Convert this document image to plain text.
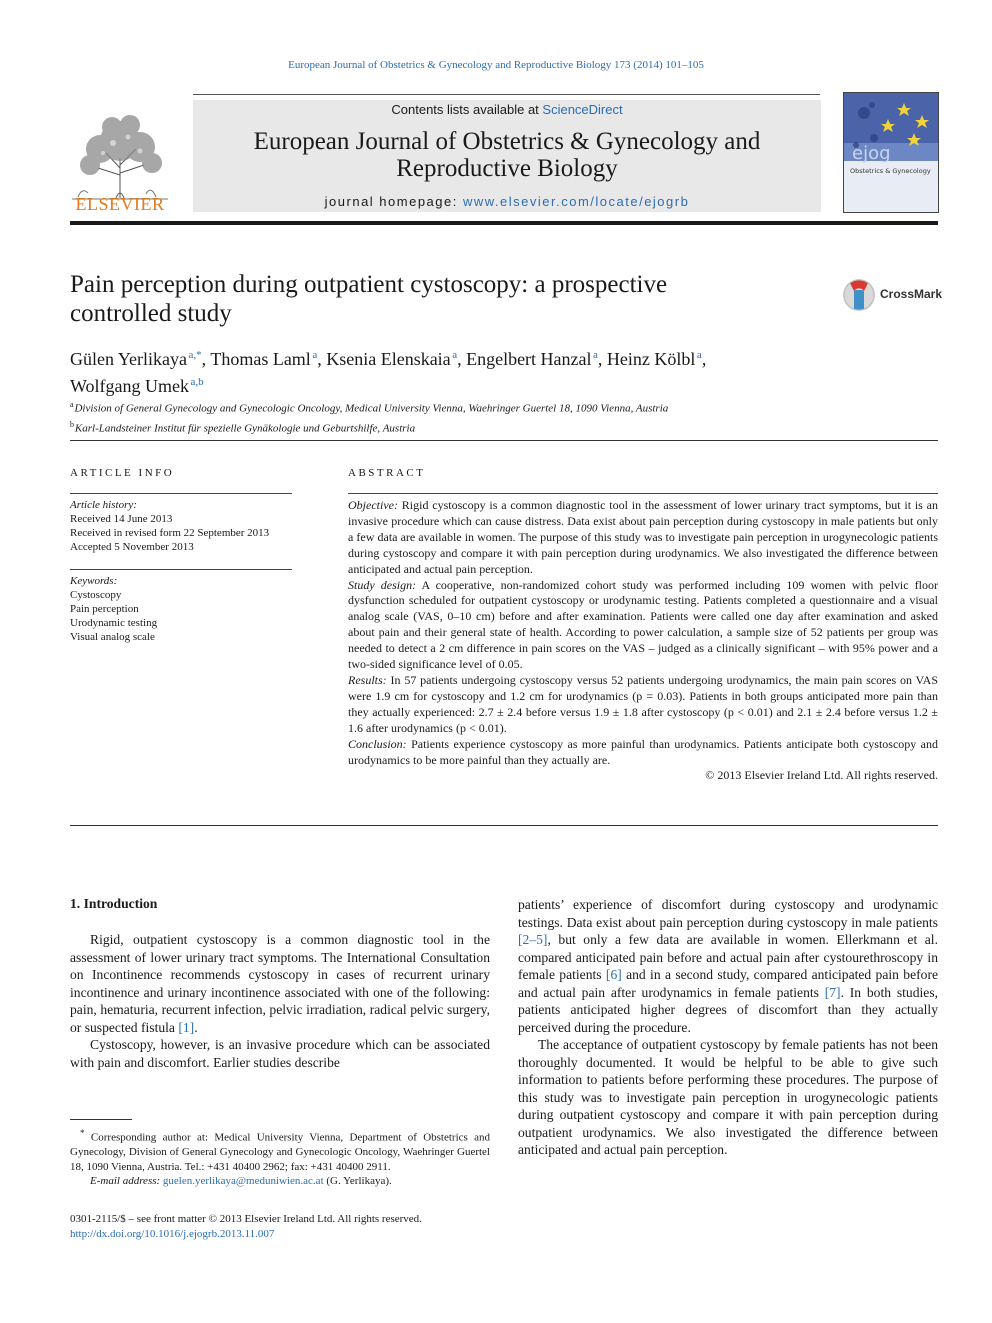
European Journal of Obstetrics & Gynecology and Reproductive Biology 173 (2014) 101–105
ELSEVIER
Contents lists available at ScienceDirect
European Journal of Obstetrics & Gynecology and
Reproductive Biology
journal homepage: www.elsevier.com/locate/ejogrb
ejog
Obstetrics & Gynecology
Pain perception during outpatient cystoscopy: a prospective
controlled study
CrossMark
Gülen Yerlikaya  $^{a,*}$, Thomas Laml  $^a$, Ksenia Elenskaia  $^a$, Engelbert Hanzal  $^a$, Heinz Kölbl  $^a$,
Wolfgang Umek  $^{a,b}$
$^a$ Division of General Gynecology and Gynecologic Oncology, Medical University Vienna, Waehringer Guertel 18, 1090 Vienna, Austria
$^b$ Karl-Landsteiner Institut für spezielle Gynäkologie und Geburtshilfe, Austria
ARTICLE INFO
Article history:
Received 14 June 2013
Received in revised form 22 September 2013
Accepted 5 November 2013
Keywords:
Cystoscopy
Pain perception
Urodynamic testing
Visual analog scale
ABSTRACT

Objective: Rigid cystoscopy is a common diagnostic tool in the assessment of lower urinary tract symptoms, but it is an invasive procedure which can cause distress. Data exist about pain perception during cystoscopy in male patients but only a few data are available in women. The purpose of this study was to investigate pain perception in urogynecologic patients during cystoscopy and compare it with pain perception during urodynamics. We also investigated the difference between anticipated and actual pain perception.

Study design: A cooperative, non-randomized cohort study was performed including 109 women with pelvic floor dysfunction scheduled for outpatient cystoscopy or urodynamic testing. Patients completed a questionnaire and a visual analog scale (VAS, 0–10 cm) before and after examination. Patients were called one day after examination and asked about pain and their general state of health. According to power calculation, a sample size of 52 patients per group was needed to detect a 2 cm difference in pain scores on the VAS – judged as a clinically significant – with 95% power and a two-sided significance level of 0.05.

Results: In 57 patients undergoing cystoscopy versus 52 patients undergoing urodynamics, the main pain scores on VAS were 1.9 cm for cystoscopy and 1.2 cm for urodynamics (p = 0.03). Patients in both groups anticipated more pain than they actually experienced: 2.7 ± 2.4 before versus 1.9 ± 1.8 after cystoscopy (p < 0.01) and 2.1 ± 2.4 before versus 1.2 ± 1.6 after urodynamics (p < 0.01).

Conclusion: Patients experience cystoscopy as more painful than urodynamics. Patients anticipate both cystoscopy and urodynamics to be more painful than they actually are.

© 2013 Elsevier Ireland Ltd. All rights reserved.

1. Introduction

Rigid, outpatient cystoscopy is a common diagnostic tool in the assessment of lower urinary tract symptoms. The International Consultation on Incontinence recommends cystoscopy in cases of recurrent urinary incontinence and urinary incontinence associated with one of the following: pain, hematuria, recurrent infection, pelvic irradiation, radical pelvic surgery, or suspected fistula [1].

Cystoscopy, however, is an invasive procedure which can be associated with pain and discomfort. Earlier studies describe

patients’ experience of discomfort during cystoscopy and urodynamic testings. Data exist about pain perception during cystoscopy in male patients [2–5], but only a few data are available in women. Ellerkmann et al. compared anticipated pain before and actual pain after cystourethroscopy in female patients [6] and in a second study, compared anticipated pain before and actual pain after urodynamics in female patients [7]. In both studies, patients anticipated higher degrees of discomfort than they actually perceived during the procedure.

The acceptance of outpatient cystoscopy by female patients has not been thoroughly documented. It would be helpful to be able to give such information to patients before performing these procedures. The purpose of this study was to investigate pain perception in urogynecologic patients during outpatient cystoscopy and compare it with pain perception during outpatient urodynamics. We also investigated the difference between anticipated and actual pain perception.

* Corresponding author at: Medical University Vienna, Department of Obstetrics and Gynecology, Division of General Gynecology and Gynecologic Oncology, Waehringer Guertel 18, 1090 Vienna, Austria. Tel.: +431 40400 2962; fax: +431 40400 2911.

E-mail address: guelen.yerlikaya@meduniwien.ac.at (G. Yerlikaya).

0301-2115/$ – see front matter © 2013 Elsevier Ireland Ltd. All rights reserved.
http://dx.doi.org/10.1016/j.ejogrb.2013.11.007
